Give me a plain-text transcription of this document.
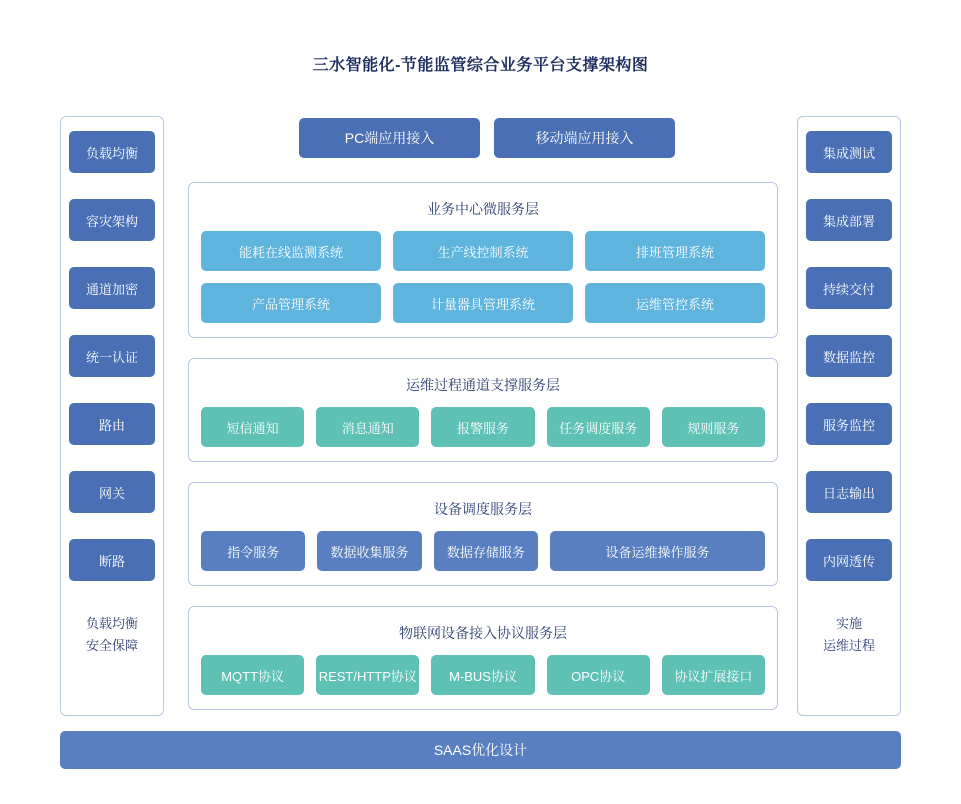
三水智能化-节能监管综合业务平台支撑架构图
负载均衡
容灾架构
通道加密
统一认证
路由
网关
断路
负载均衡
安全保障
集成测试
集成部署
持续交付
数据监控
服务监控
日志输出
内网透传
实施
运维过程
PC端应用接入	移动端应用接入
业务中心微服务层
能耗在线监测系统	生产线控制系统	排班管理系统
产品管理系统	计量器具管理系统	运维管控系统
运维过程通道支撑服务层
短信通知	消息通知	报警服务	任务调度服务	规则服务
设备调度服务层
指令服务	数据收集服务	数据存储服务	设备运维操作服务
物联网设备接入协议服务层
MQTT协议	REST/HTTP协议	M-BUS协议	OPC协议	协议扩展接口
SAAS优化设计
